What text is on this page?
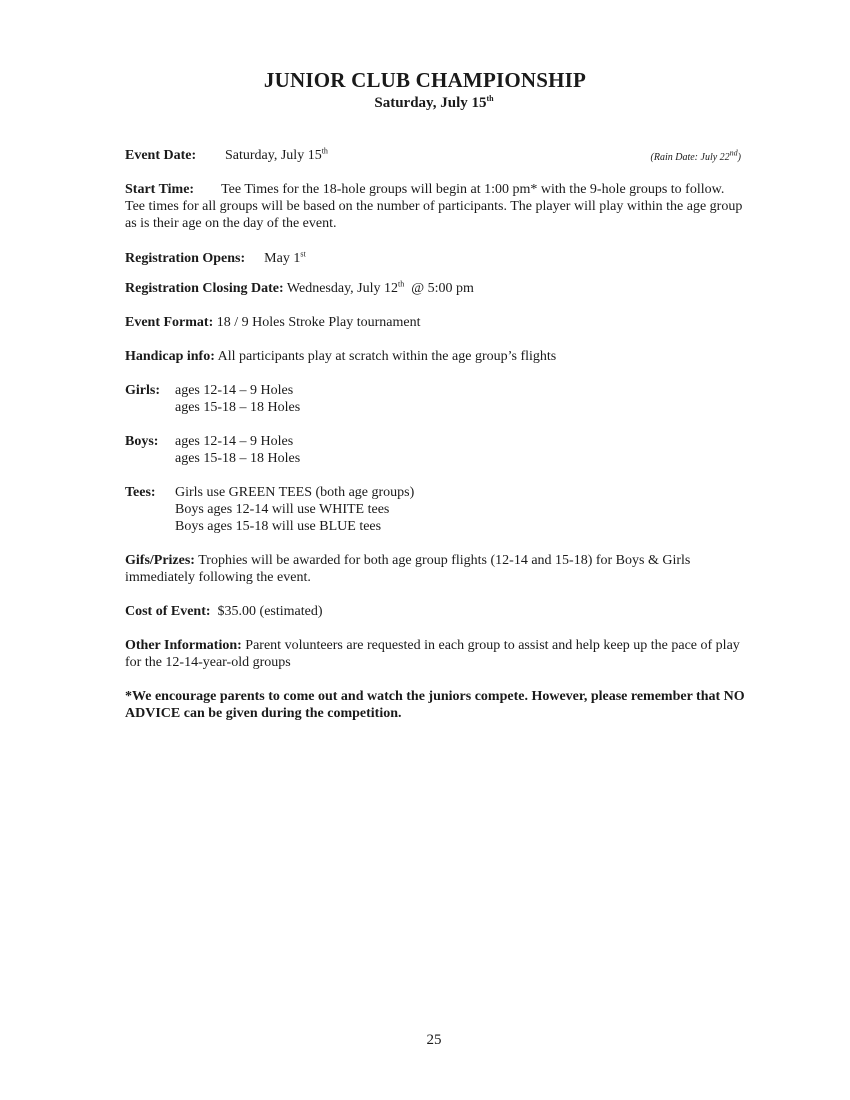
JUNIOR CLUB CHAMPIONSHIP
Saturday, July 15th
Event Date: Saturday, July 15th
(Rain Date: July 22nd)

Start Time: Tee Times for the 18-hole groups will begin at 1:00 pm* with the 9-hole groups to follow. Tee times for all groups will be based on the number of participants. The player will play within the age group as is their age on the day of the event.

Registration Opens: May 1st

Registration Closing Date: Wednesday, July 12th @ 5:00 pm

Event Format: 18 / 9 Holes Stroke Play tournament

Handicap info: All participants play at scratch within the age group’s flights

Girls: ages 12-14 – 9 Holes
ages 15-18 – 18 Holes
Boys: ages 12-14 – 9 Holes
ages 15-18 – 18 Holes
Tees: Girls use GREEN TEES (both age groups)
Boys ages 12-14 will use WHITE tees
Boys ages 15-18 will use BLUE tees

Gifs/Prizes: Trophies will be awarded for both age group flights (12-14 and 15-18) for Boys & Girls immediately following the event.

Cost of Event: $35.00 (estimated)

Other Information: Parent volunteers are requested in each group to assist and help keep up the pace of play for the 12-14-year-old groups

*We encourage parents to come out and watch the juniors compete. However, please remember that NO ADVICE can be given during the competition.

25
